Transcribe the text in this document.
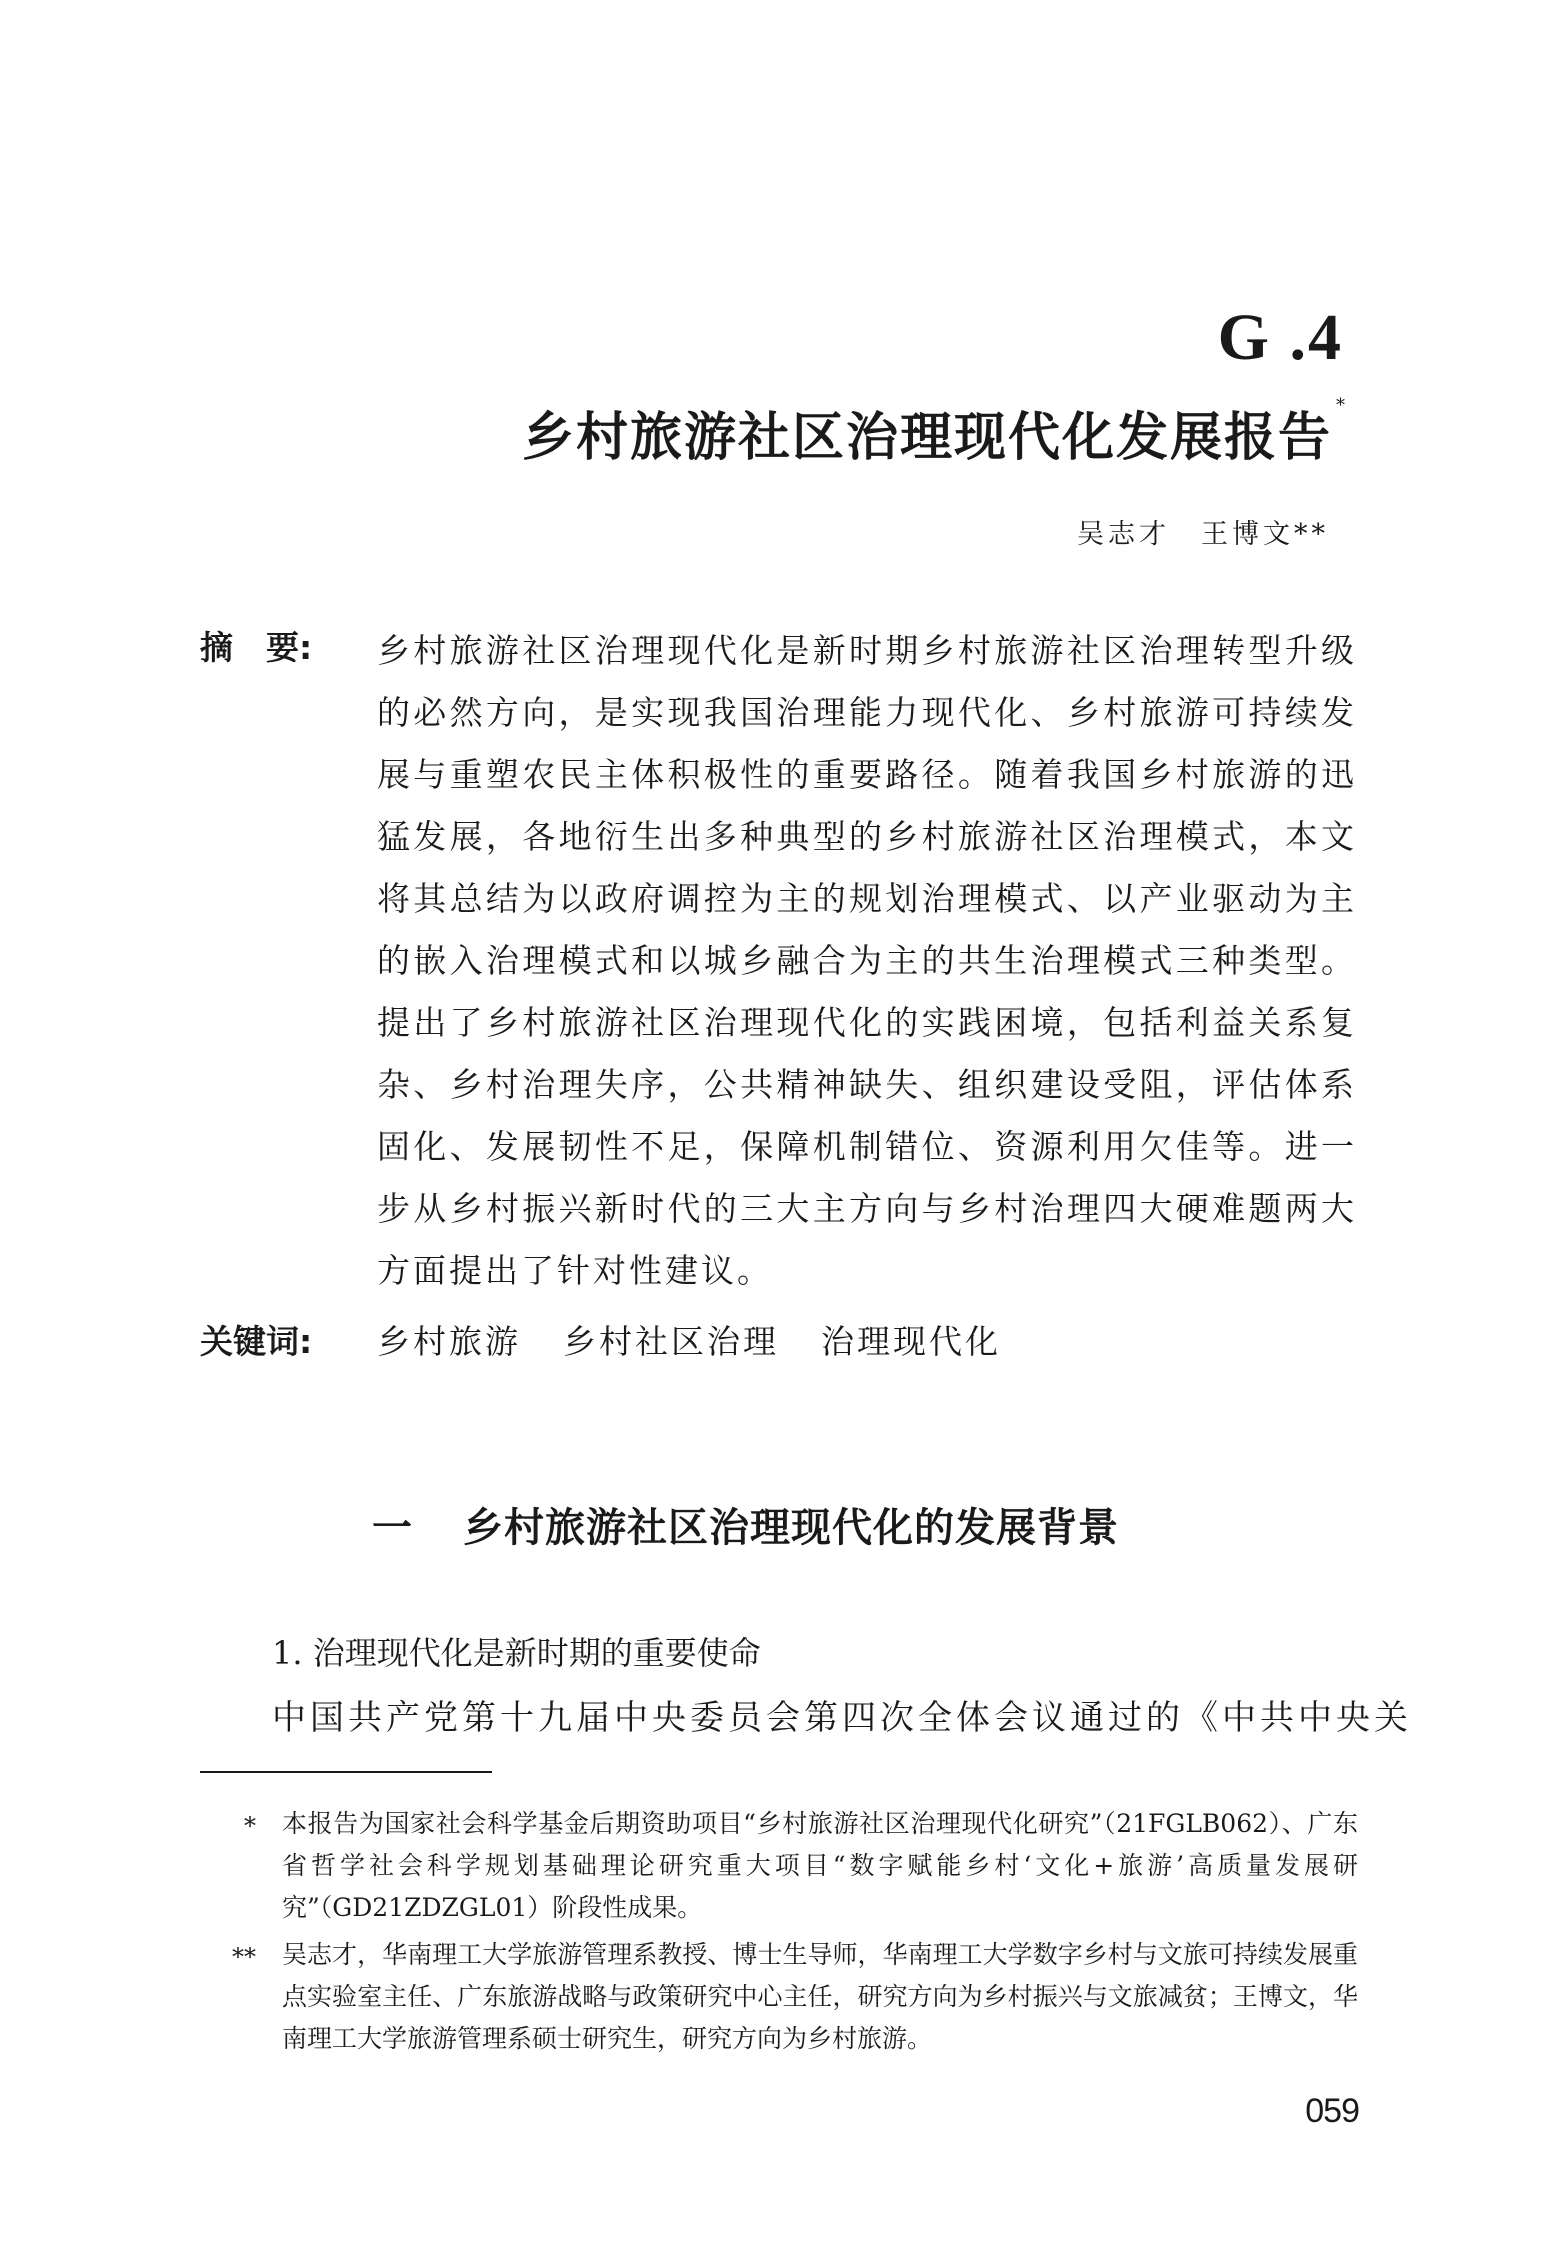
G .4
乡村旅游社区治理现代化发展报告*
吴志才　王博文**
摘　要: 乡村旅游社区治理现代化是新时期乡村旅游社区治理转型升级的必然方向，是实现我国治理能力现代化、乡村旅游可持续发展与重塑农民主体积极性的重要路径。随着我国乡村旅游的迅猛发展，各地衍生出多种典型的乡村旅游社区治理模式，本文将其总结为以政府调控为主的规划治理模式、以产业驱动为主的嵌入治理模式和以城乡融合为主的共生治理模式三种类型。提出了乡村旅游社区治理现代化的实践困境，包括利益关系复杂、乡村治理失序，公共精神缺失、组织建设受阻，评估体系固化、发展韧性不足，保障机制错位、资源利用欠佳等。进一步从乡村振兴新时代的三大主方向与乡村治理四大硬难题两大方面提出了针对性建议。

关键词: 乡村旅游 乡村社区治理 治理现代化
一 乡村旅游社区治理现代化的发展背景
1. 治理现代化是新时期的重要使命
中国共产党第十九届中央委员会第四次全体会议通过的《中共中央关
* 本报告为国家社会科学基金后期资助项目“乡村旅游社区治理现代化研究”（21FGLB062）、广东省哲学社会科学规划基础理论研究重大项目“数字赋能乡村‘文化+旅游’高质量发展研究”（GD21ZDZGL01）阶段性成果。

** 吴志才，华南理工大学旅游管理系教授、博士生导师，华南理工大学数字乡村与文旅可持续发展重点实验室主任、广东旅游战略与政策研究中心主任，研究方向为乡村振兴与文旅减贫；王博文，华南理工大学旅游管理系硕士研究生，研究方向为乡村旅游。

059
